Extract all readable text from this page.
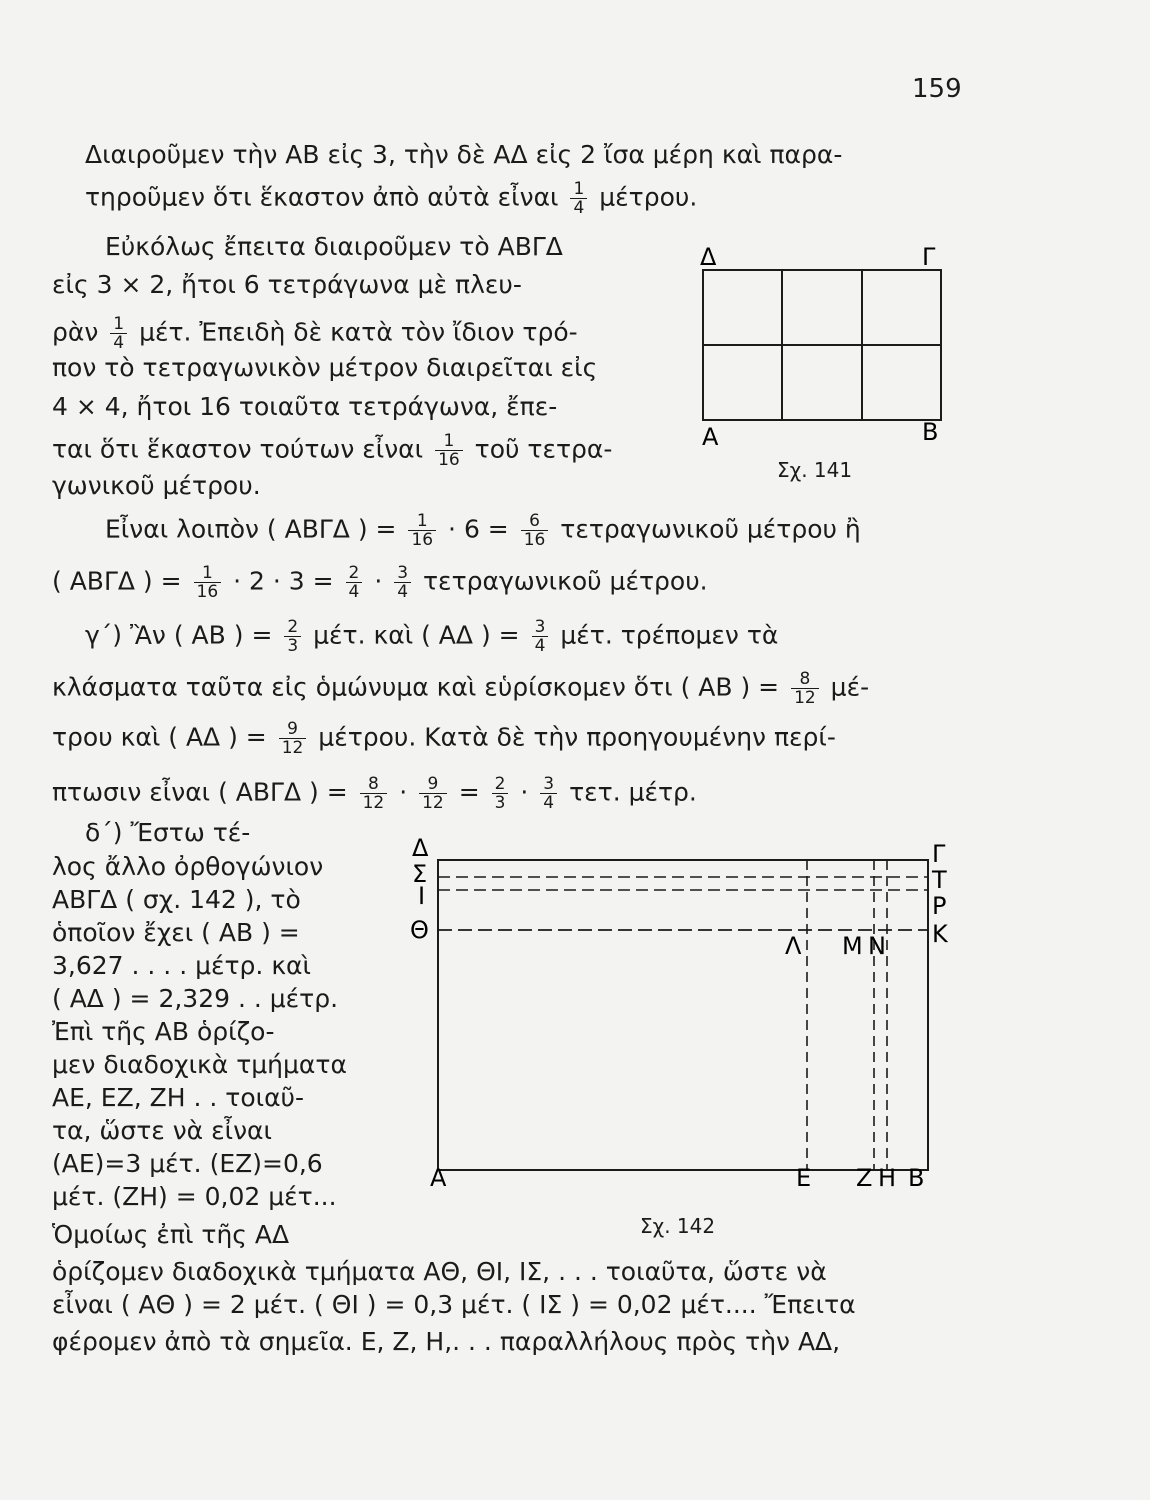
159
Διαιροῦμεν τὴν ΑΒ εἰς 3, τὴν δὲ ΑΔ εἰς 2 ἴσα μέρη καὶ παρα-
τηροῦμεν ὅτι ἕκαστον ἀπὸ αὐτὰ εἶναι $\frac{1}{4} \mu έ\tau\rho o\upsilon$.
Εὐκόλως ἔπειτα διαιροῦμεν τὸ ΑΒΓΔ
εἰς 3 × 2, ἤτοι 6 τετράγωνα μὲ πλευ-
ρὰν $\frac{1}{4} \mu έ\tau$. Ἐπειδὴ δὲ κατὰ τὸν ἴδιον τρό-
πον τὸ τετραγωνικὸν μέτρον διαιρεῖται εἰς
4 × 4, ἤτοι 16 τοιαῦτα τετράγωνα, ἔπε-
ται ὅτι ἕκαστον τούτων εἶναι $\frac{1}{16}$ τοῦ τετρα-
γωνικοῦ μέτρου.
Εἶναι λοιπὸν ( ΑΒΓΔ ) = $\frac{1}{16} \cdot 6 = \frac{6}{16}$ τετραγωνικοῦ μέτρου ἢ
( ΑΒΓΔ ) = $\frac{1}{16} \cdot 2 \cdot 3 = \frac{2}{4} \cdot \frac{3}{4}$ τετραγωνικοῦ μέτρου.
γ΄) Ἂν ( ΑΒ ) = $\frac{2}{3} \mu έ\tau$. καὶ ( ΑΔ ) = $\frac{3}{4} \mu έ\tau$. τρέπομεν τὰ
κλάσματα ταῦτα εἰς ὁμώνυμα καὶ εὑρίσκομεν ὅτι ( ΑΒ ) = $\frac{8}{12} \mu έ-$
τρου καὶ ( ΑΔ ) = $\frac{9}{12} \mu έ\tau\rho o\upsilon$. Κατὰ δὲ τὴν προηγουμένην περί-
πτωσιν εἶναι ( ΑΒΓΔ ) = $\frac{8}{12} \cdot \frac{9}{12} = \frac{2}{3} \cdot \frac{3}{4} \tau\varepsilon\tau$. μέτρ.
δ΄) Ἔστω τέ-
λος ἄλλο ὀρθογώνιον
ΑΒΓΔ ( σχ. 142 ), τὸ
ὁποῖον ἔχει ( ΑΒ ) =
3,627 . . . . μέτρ. καὶ
( ΑΔ ) = 2,329 . . μέτρ.
Ἐπὶ τῆς ΑΒ ὁρίζο-
μεν διαδοχικὰ τμήματα
ΑΕ, ΕΖ, ΖΗ . . τοιαῦ-
τα, ὥστε νὰ εἶναι
(ΑΕ)=3 μέτ. (ΕΖ)=0,6
μέτ. (ΖΗ) = 0,02 μέτ...
Ὁμοίως ἐπὶ τῆς ΑΔ
ὁρίζομεν διαδοχικὰ τμήματα ΑΘ, ΘΙ, ΙΣ, . . . τοιαῦτα, ὥστε νὰ
εἶναι ( ΑΘ ) = 2 μέτ. ( ΘΙ ) = 0,3 μέτ. ( ΙΣ ) = 0,02 μέτ.... Ἔπειτα
φέρομεν ἀπὸ τὰ σημεῖα. Ε, Ζ, Η,. . . παραλλήλους πρὸς τὴν ΑΔ,
Δ	Γ
Α	Β
Σχ. 141
Δ
Σ
Ι
Θ
Γ
Τ
Ρ
Κ
Λ Μ Ν
Α	Ε Ζ Η Β
Σχ. 142
